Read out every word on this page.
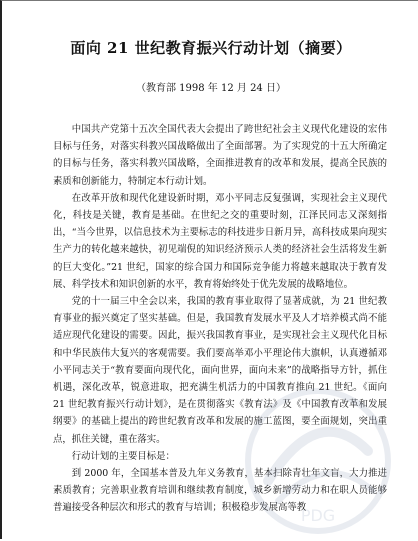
面向 21 世纪教育振兴行动计划（摘要）
（教育部 1998 年 12 月 24 日）

中国共产党第十五次全国代表大会提出了跨世纪社会主义现代化建设的宏伟目标与任务，对落实科教兴国战略做出了全面部署。为了实现党的十五大所确定的目标与任务，落实科教兴国战略，全面推进教育的改革和发展，提高全民族的素质和创新能力，特制定本行动计划。

在改革开放和现代化建设新时期，邓小平同志反复强调，实现社会主义现代化，科技是关键，教育是基础。在世纪之交的重要时刻，江泽民同志又深刻指出，“当今世界，以信息技术为主要标志的科技进步日新月异，高科技成果向现实生产力的转化越来越快，初见端倪的知识经济预示人类的经济社会生活将发生新的巨大变化。”21 世纪，国家的综合国力和国际竞争能力将越来越取决于教育发展、科学技术和知识创新的水平，教育将始终处于优先发展的战略地位。

党的十一届三中全会以来，我国的教育事业取得了显著成就，为 21 世纪教育事业的振兴奠定了坚实基础。但是，我国教育发展水平及人才培养模式尚不能适应现代化建设的需要。因此，振兴我国教育事业，是实现社会主义现代化目标和中华民族伟大复兴的客观需要。我们要高举邓小平理论伟大旗帜，认真遵循邓小平同志关于“教育要面向现代化，面向世界，面向未来”的战略指导方针，抓住机遇，深化改革，锐意进取，把充满生机活力的中国教育推向 21 世纪。《面向 21 世纪教育振兴行动计划》，是在贯彻落实《教育法》及《中国教育改革和发展纲要》的基础上提出的跨世纪教育改革和发展的施工蓝图，要全面规划，突出重点，抓住关键，重在落实。

行动计划的主要目标是：

到 2000 年，全国基本普及九年义务教育，基本扫除青壮年文盲，大力推进素质教育；完善职业教育培训和继续教育制度，城乡新增劳动力和在职人员能够普遍接受各种层次和形式的教育与培训；积极稳步发展高等教

PDG
